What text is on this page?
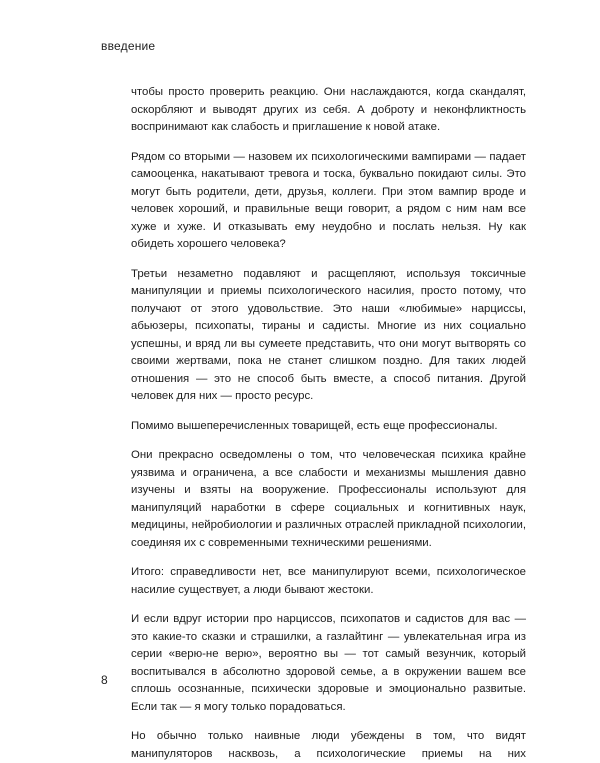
введение

чтобы просто проверить реакцию. Они наслаждаются, когда скандалят, оскорбляют и выводят других из себя. А доброту и неконфликтность воспринимают как слабость и приглашение к новой атаке.

Рядом со вторыми — назовем их психологическими вампирами — падает самооценка, накатывают тревога и тоска, буквально покидают силы. Это могут быть родители, дети, друзья, коллеги. При этом вампир вроде и человек хороший, и правильные вещи говорит, а рядом с ним нам все хуже и хуже. И отказывать ему неудобно и послать нельзя. Ну как обидеть хорошего человека?

Третьи незаметно подавляют и расщепляют, используя токсичные манипуляции и приемы психологического насилия, просто потому, что получают от этого удовольствие. Это наши «любимые» нарциссы, абьюзеры, психопаты, тираны и садисты. Многие из них социально успешны, и вряд ли вы сумеете представить, что они могут вытворять со своими жертвами, пока не станет слишком поздно. Для таких людей отношения — это не способ быть вместе, а способ питания. Другой человек для них — просто ресурс.

Помимо вышеперечисленных товарищей, есть еще профессионалы.

Они прекрасно осведомлены о том, что человеческая психика крайне уязвима и ограничена, а все слабости и механизмы мышления давно изучены и взяты на вооружение. Профессионалы используют для манипуляций наработки в сфере социальных и когнитивных наук, медицины, нейробиологии и различных отраслей прикладной психологии, соединяя их с современными техническими решениями.

Итого: справедливости нет, все манипулируют всеми, психологическое насилие существует, а люди бывают жестоки.

И если вдруг истории про нарциссов, психопатов и садистов для вас — это какие-то сказки и страшилки, а газлайтинг — увлекательная игра из серии «верю-не верю», вероятно вы — тот самый везунчик, который воспитывался в абсолютно здоровой семье, а в окружении вашем все сплошь осознанные, психически здоровые и эмоционально развитые. Если так — я могу только порадоваться.

Но обычно только наивные люди убеждены в том, что видят манипуляторов насквозь, а психологические приемы на них

8
